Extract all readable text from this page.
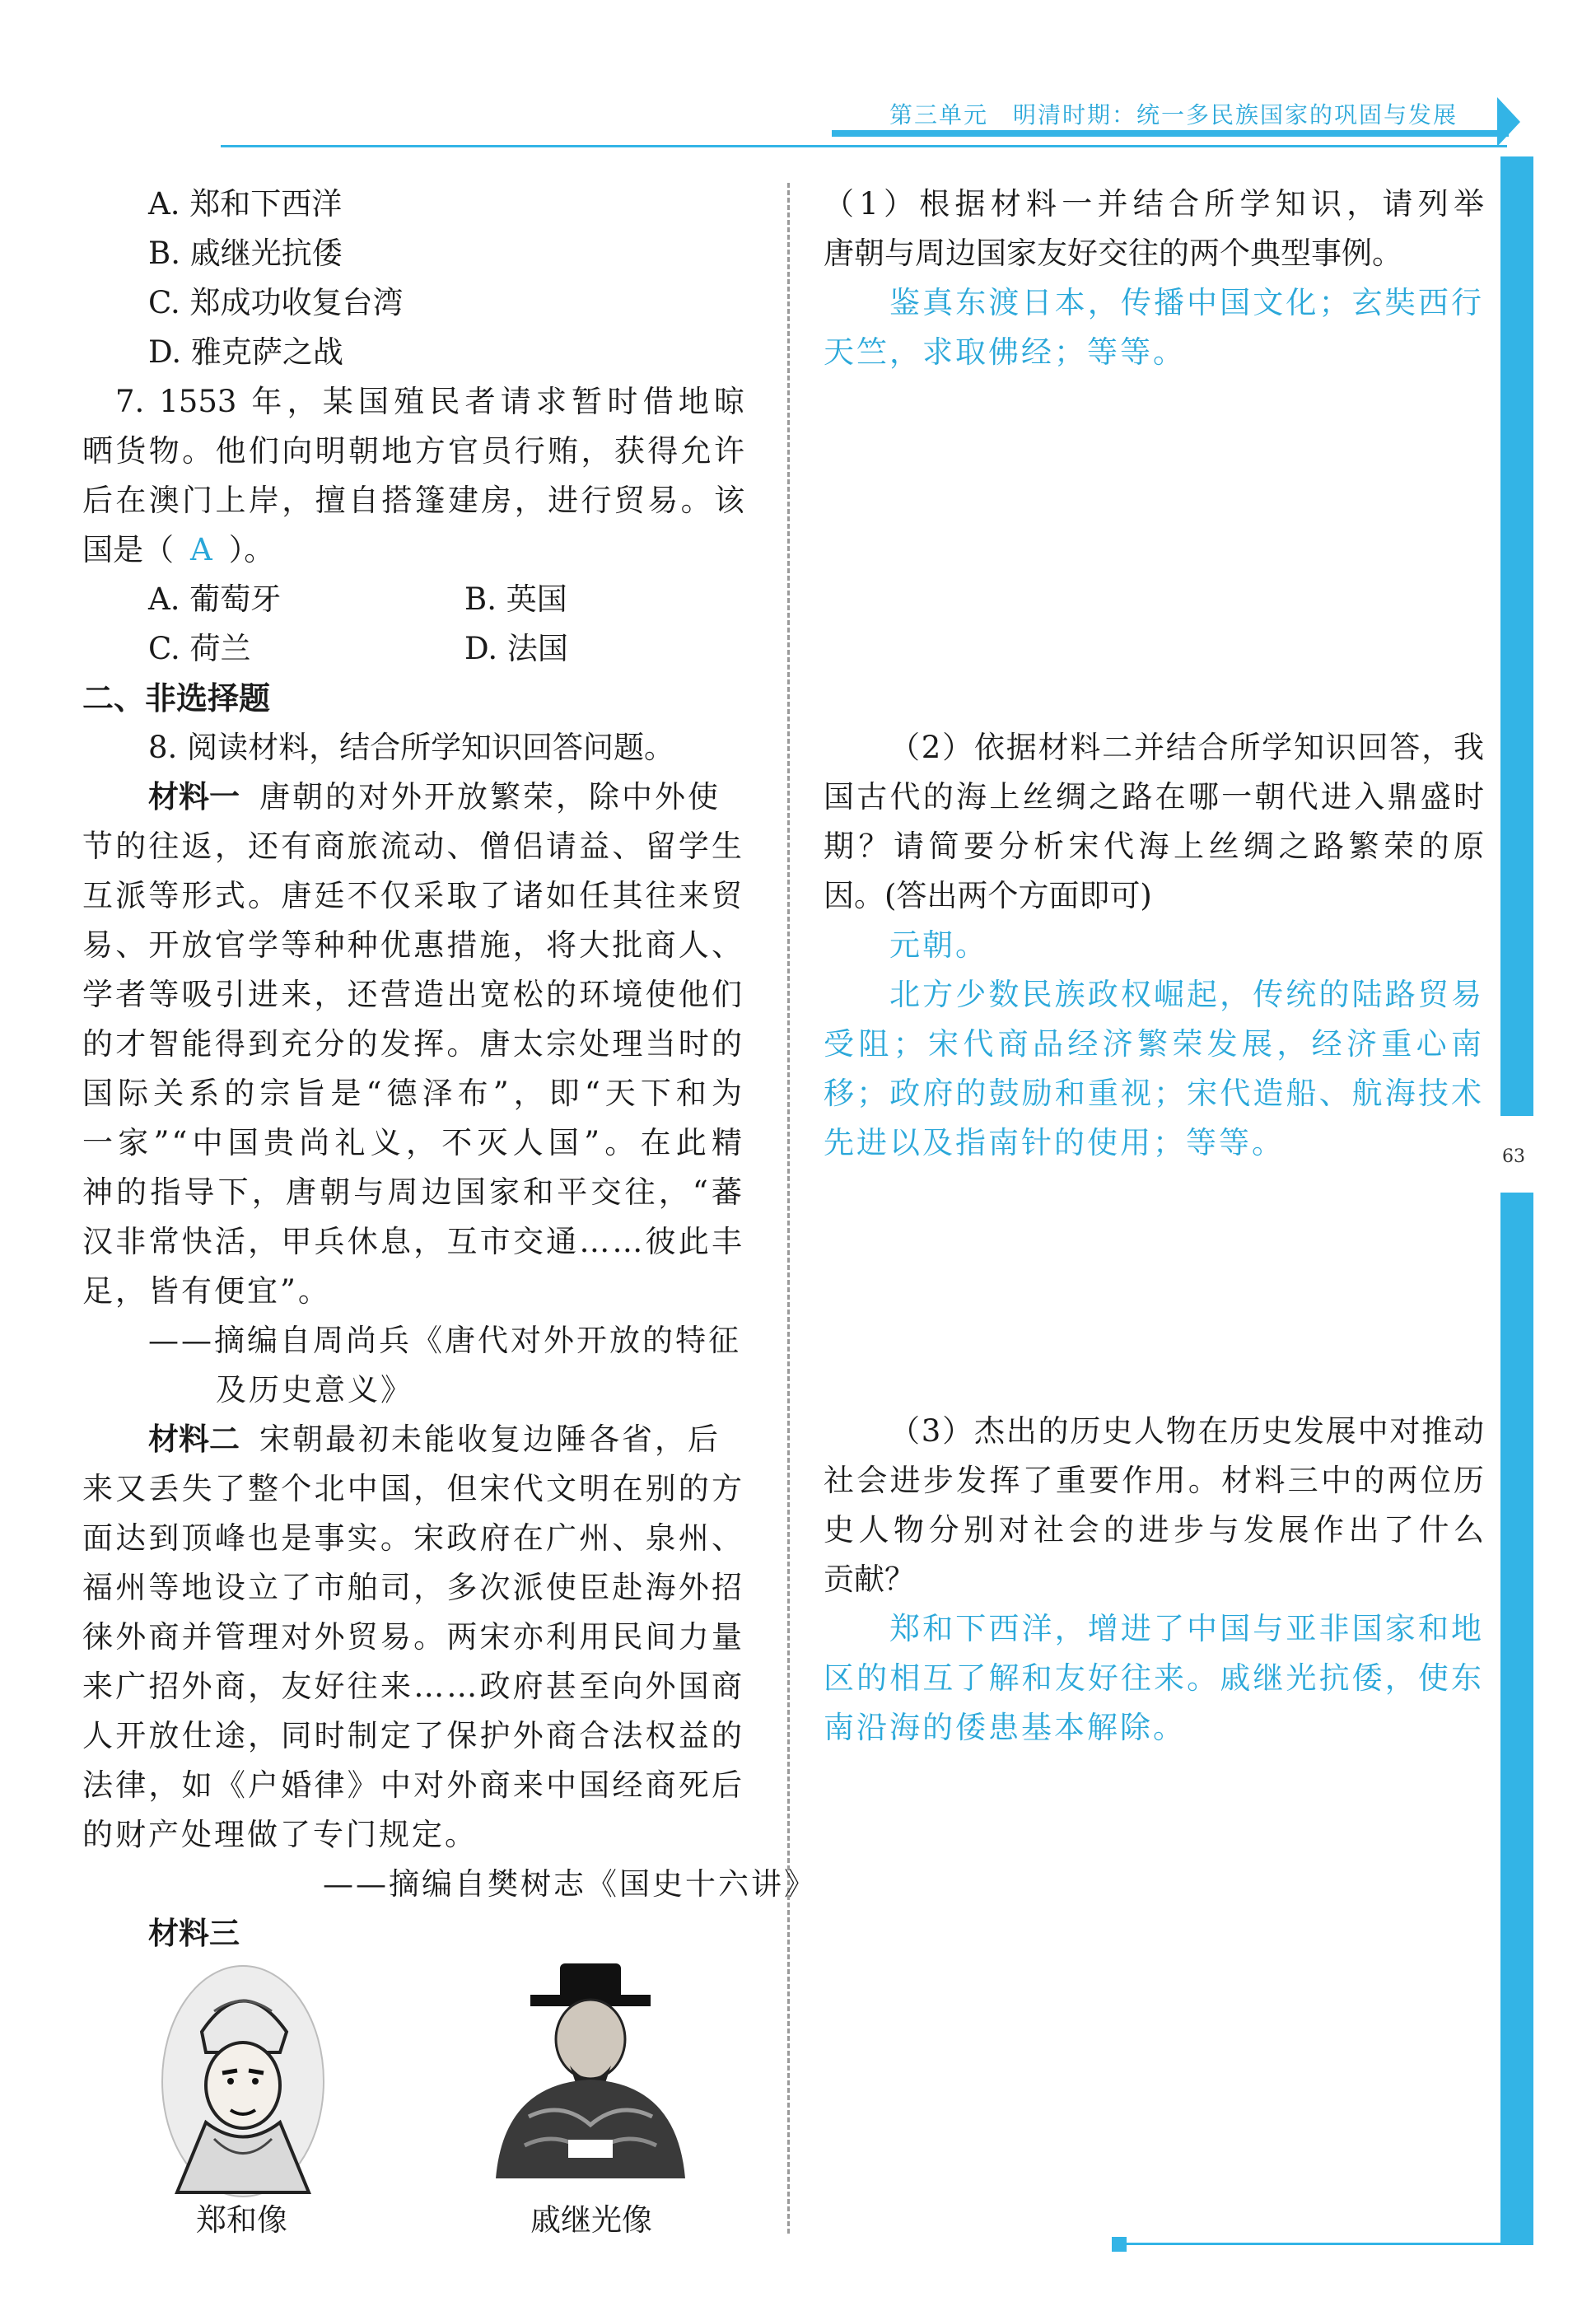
第三单元　明清时期：统一多民族国家的巩固与发展
63
A. 郑和下西洋
B. 戚继光抗倭
C. 郑成功收复台湾
D. 雅克萨之战
7. 1553 年，某国殖民者请求暂时借地晾
晒货物。他们向明朝地方官员行贿，获得允许
后在澳门上岸，擅自搭篷建房，进行贸易。该
国是（ A ）。
A. 葡萄牙	B. 英国
C. 荷兰	D. 法国
二、非选择题
8. 阅读材料，结合所学知识回答问题。
材料一 唐朝的对外开放繁荣，除中外使
节的往返，还有商旅流动、僧侣请益、留学生
互派等形式。唐廷不仅采取了诸如任其往来贸
易、开放官学等种种优惠措施，将大批商人、
学者等吸引进来，还营造出宽松的环境使他们
的才智能得到充分的发挥。唐太宗处理当时的
国际关系的宗旨是“德泽布”，即“天下和为
一家”“中国贵尚礼义，不灭人国”。在此精
神的指导下，唐朝与周边国家和平交往，“蕃
汉非常快活，甲兵休息，互市交通……彼此丰
足，皆有便宜”。
——摘编自周尚兵《唐代对外开放的特征
及历史意义》
材料二 宋朝最初未能收复边陲各省，后
来又丢失了整个北中国，但宋代文明在别的方
面达到顶峰也是事实。宋政府在广州、泉州、
福州等地设立了市舶司，多次派使臣赴海外招
徕外商并管理对外贸易。两宋亦利用民间力量
来广招外商，友好往来……政府甚至向外国商
人开放仕途，同时制定了保护外商合法权益的
法律，如《户婚律》中对外商来中国经商死后
的财产处理做了专门规定。
——摘编自樊树志《国史十六讲》
材料三
郑和像	戚继光像
（1）根据材料一并结合所学知识，请列举
唐朝与周边国家友好交往的两个典型事例。
鉴真东渡日本，传播中国文化；玄奘西行
天竺，求取佛经；等等。
（2）依据材料二并结合所学知识回答，我
国古代的海上丝绸之路在哪一朝代进入鼎盛时
期？请简要分析宋代海上丝绸之路繁荣的原
因。(答出两个方面即可)
元朝。
北方少数民族政权崛起，传统的陆路贸易
受阻；宋代商品经济繁荣发展，经济重心南
移；政府的鼓励和重视；宋代造船、航海技术
先进以及指南针的使用；等等。
（3）杰出的历史人物在历史发展中对推动
社会进步发挥了重要作用。材料三中的两位历
史人物分别对社会的进步与发展作出了什么
贡献？
郑和下西洋，增进了中国与亚非国家和地
区的相互了解和友好往来。戚继光抗倭，使东
南沿海的倭患基本解除。
